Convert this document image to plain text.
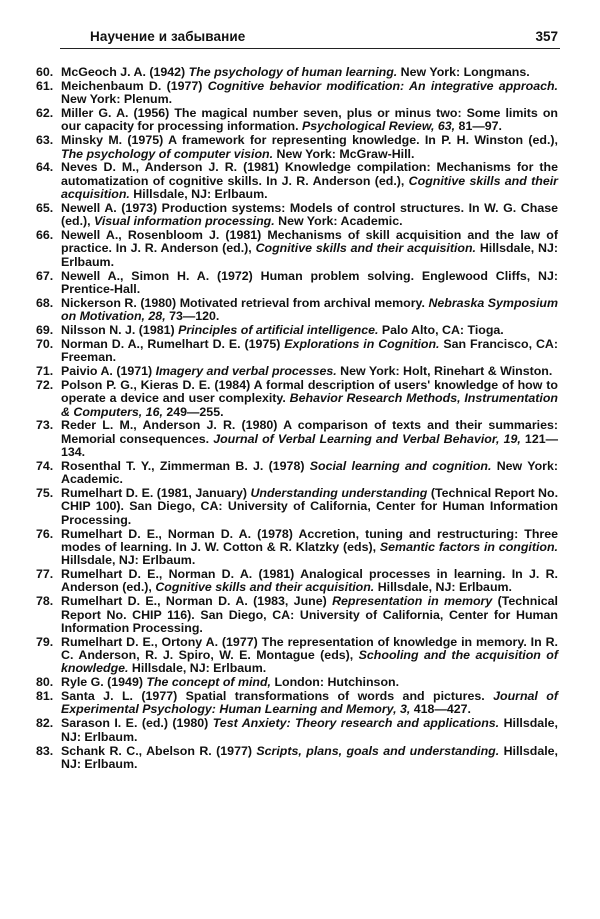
Научение и забывание	357
60. McGeoch J. A. (1942) The psychology of human learning. New York: Longmans.
61. Meichenbaum D. (1977) Cognitive behavior modification: An integrative approach. New York: Plenum.
62. Miller G. A. (1956) The magical number seven, plus or minus two: Some limits on our capacity for processing information. Psychological Review, 63, 81—97.
63. Minsky M. (1975) A framework for representing knowledge. In P. H. Winston (ed.), The psychology of computer vision. New York: McGraw-Hill.
64. Neves D. M., Anderson J. R. (1981) Knowledge compilation: Mechanisms for the automatization of cognitive skills. In J. R. Anderson (ed.), Cognitive skills and their acquisition. Hillsdale, NJ: Erlbaum.
65. Newell A. (1973) Production systems: Models of control structures. In W. G. Chase (ed.), Visual information processing. New York: Academic.
66. Newell A., Rosenbloom J. (1981) Mechanisms of skill acquisition and the law of practice. In J. R. Anderson (ed.), Cognitive skills and their acquisition. Hillsdale, NJ: Erlbaum.
67. Newell A., Simon H. A. (1972) Human problem solving. Englewood Cliffs, NJ: Prentice-Hall.
68. Nickerson R. (1980) Motivated retrieval from archival memory. Nebraska Symposium on Motivation, 28, 73—120.
69. Nilsson N. J. (1981) Principles of artificial intelligence. Palo Alto, CA: Tioga.
70. Norman D. A., Rumelhart D. E. (1975) Explorations in Cognition. San Francisco, CA: Freeman.
71. Paivio A. (1971) Imagery and verbal processes. New York: Holt, Rinehart & Winston.
72. Polson P. G., Kieras D. E. (1984) A formal description of users' knowledge of how to operate a device and user complexity. Behavior Research Methods, Instrumentation & Computers, 16, 249—255.
73. Reder L. M., Anderson J. R. (1980) A comparison of texts and their summaries: Memorial consequences. Journal of Verbal Learning and Verbal Behavior, 19, 121—134.
74. Rosenthal T. Y., Zimmerman B. J. (1978) Social learning and cognition. New York: Academic.
75. Rumelhart D. E. (1981, January) Understanding understanding (Technical Report No. CHIP 100). San Diego, CA: University of California, Center for Human Information Processing.
76. Rumelhart D. E., Norman D. A. (1978) Accretion, tuning and restructuring: Three modes of learning. In J. W. Cotton & R. Klatzky (eds), Semantic factors in congition. Hillsdale, NJ: Erlbaum.
77. Rumelhart D. E., Norman D. A. (1981) Analogical processes in learning. In J. R. Anderson (ed.), Cognitive skills and their acquisition. Hillsdale, NJ: Erlbaum.
78. Rumelhart D. E., Norman D. A. (1983, June) Representation in memory (Technical Report No. CHIP 116). San Diego, CA: University of California, Center for Human Information Processing.
79. Rumelhart D. E., Ortony A. (1977) The representation of knowledge in memory. In R. C. Anderson, R. J. Spiro, W. E. Montague (eds), Schooling and the acquisition of knowledge. Hillsdale, NJ: Erlbaum.
80. Ryle G. (1949) The concept of mind, London: Hutchinson.
81. Santa J. L. (1977) Spatial transformations of words and pictures. Journal of Experimental Psychology: Human Learning and Memory, 3, 418—427.
82. Sarason I. E. (ed.) (1980) Test Anxiety: Theory research and applications. Hillsdale, NJ: Erlbaum.
83. Schank R. C., Abelson R. (1977) Scripts, plans, goals and understanding. Hillsdale, NJ: Erlbaum.
